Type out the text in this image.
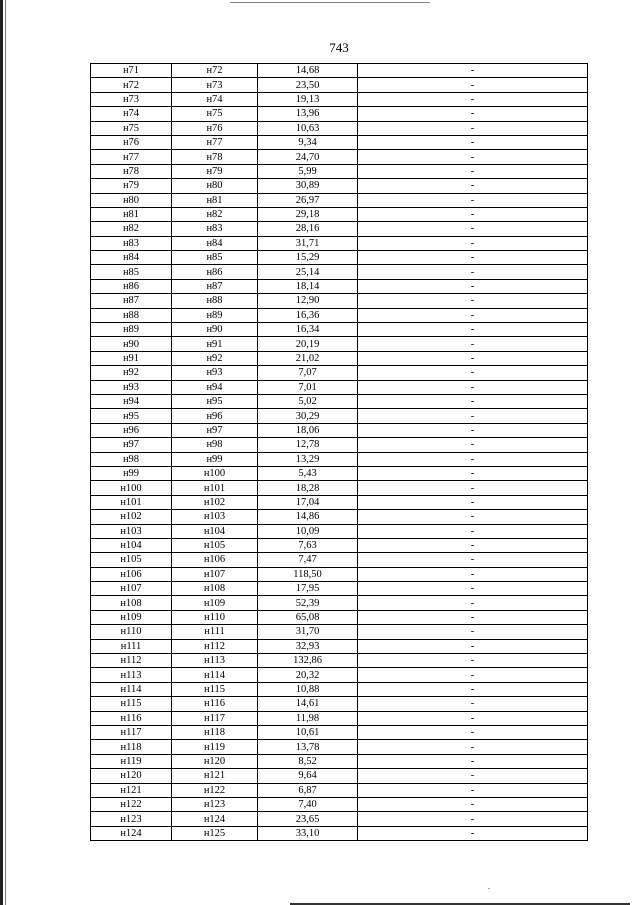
743
н71	н72	14,68	-
н72	н73	23,50	-
н73	н74	19,13	-
н74	н75	13,96	-
н75	н76	10,63	-
н76	н77	9,34	-
н77	н78	24,70	-
н78	н79	5,99	-
н79	н80	30,89	-
н80	н81	26,97	-
н81	н82	29,18	-
н82	н83	28,16	-
н83	н84	31,71	-
н84	н85	15,29	-
н85	н86	25,14	-
н86	н87	18,14	-
н87	н88	12,90	-
н88	н89	16,36	-
н89	н90	16,34	-
н90	н91	20,19	-
н91	н92	21,02	-
н92	н93	7,07	-
н93	н94	7,01	-
н94	н95	5,02	-
н95	н96	30,29	-
н96	н97	18,06	-
н97	н98	12,78	-
н98	н99	13,29	-
н99	н100	5,43	-
н100	н101	18,28	-
н101	н102	17,04	-
н102	н103	14,86	-
н103	н104	10,09	-
н104	н105	7,63	-
н105	н106	7,47	-
н106	н107	118,50	-
н107	н108	17,95	-
н108	н109	52,39	-
н109	н110	65,08	-
н110	н111	31,70	-
н111	н112	32,93	-
н112	н113	132,86	-
н113	н114	20,32	-
н114	н115	10,88	-
н115	н116	14,61	-
н116	н117	11,98	-
н117	н118	10,61	-
н118	н119	13,78	-
н119	н120	8,52	-
н120	н121	9,64	-
н121	н122	6,87	-
н122	н123	7,40	-
н123	н124	23,65	-
н124	н125	33,10	-
